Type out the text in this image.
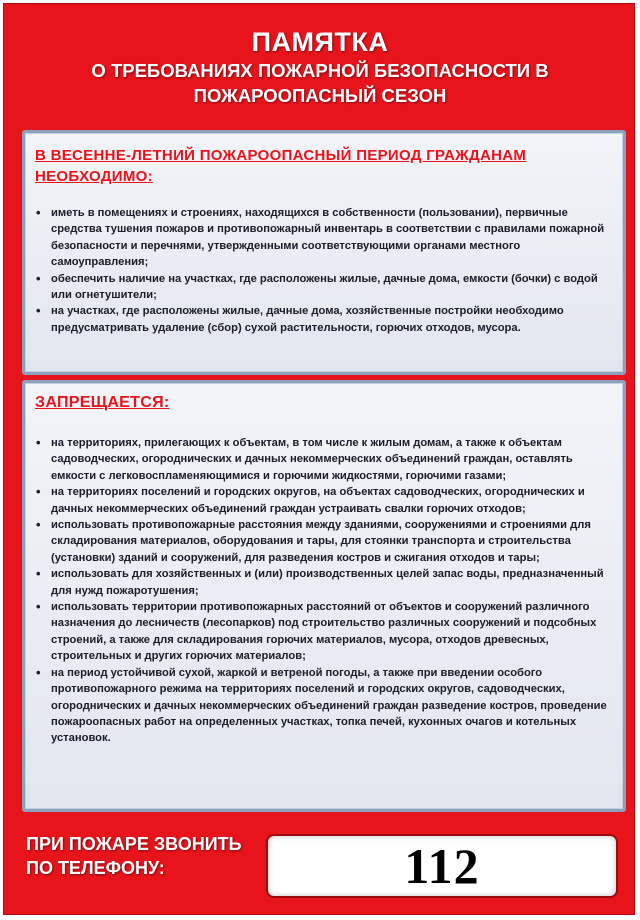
ПАМЯТКА
О ТРЕБОВАНИЯХ ПОЖАРНОЙ БЕЗОПАСНОСТИ В
ПОЖАРООПАСНЫЙ СЕЗОН
В ВЕСЕННЕ-ЛЕТНИЙ ПОЖАРООПАСНЫЙ ПЕРИОД ГРАЖДАНАМ НЕОБХОДИМО:
• иметь в помещениях и строениях, находящихся в собственности (пользовании), первичные средства тушения пожаров и противопожарный инвентарь в соответствии с правилами пожарной безопасности и перечнями, утвержденными соответствующими органами местного самоуправления;
• обеспечить наличие на участках, где расположены жилые, дачные дома, емкости (бочки) с водой или огнетушители;
• на участках, где расположены жилые, дачные дома, хозяйственные постройки необходимо предусматривать удаление (сбор) сухой растительности, горючих отходов, мусора.
ЗАПРЕЩАЕТСЯ:
• на территориях, прилегающих к объектам, в том числе к жилым домам, а также к объектам садоводческих, огороднических и дачных некоммерческих объединений граждан, оставлять емкости с легковоспламеняющимися и горючими жидкостями, горючими газами;
• на территориях поселений и городских округов, на объектах садоводческих, огороднических и дачных некоммерческих объединений граждан устраивать свалки горючих отходов;
• использовать противопожарные расстояния между зданиями, сооружениями и строениями для складирования материалов, оборудования и тары, для стоянки транспорта и строительства (установки) зданий и сооружений, для разведения костров и сжигания отходов и тары;
• использовать для хозяйственных и (или) производственных целей запас воды, предназначенный для нужд пожаротушения;
• использовать территории противопожарных расстояний от объектов и сооружений различного назначения до лесничеств (лесопарков) под строительство различных сооружений и подсобных строений, а также для складирования горючих материалов, мусора, отходов древесных, строительных и других горючих материалов;
• на период устойчивой сухой, жаркой и ветреной погоды, а также при введении особого противопожарного режима на территориях поселений и городских округов, садоводческих, огороднических и дачных некоммерческих объединений граждан разведение костров, проведение пожароопасных работ на определенных участках, топка печей, кухонных очагов и котельных установок.
ПРИ ПОЖАРЕ ЗВОНИТЬ
ПО ТЕЛЕФОНУ:	112
